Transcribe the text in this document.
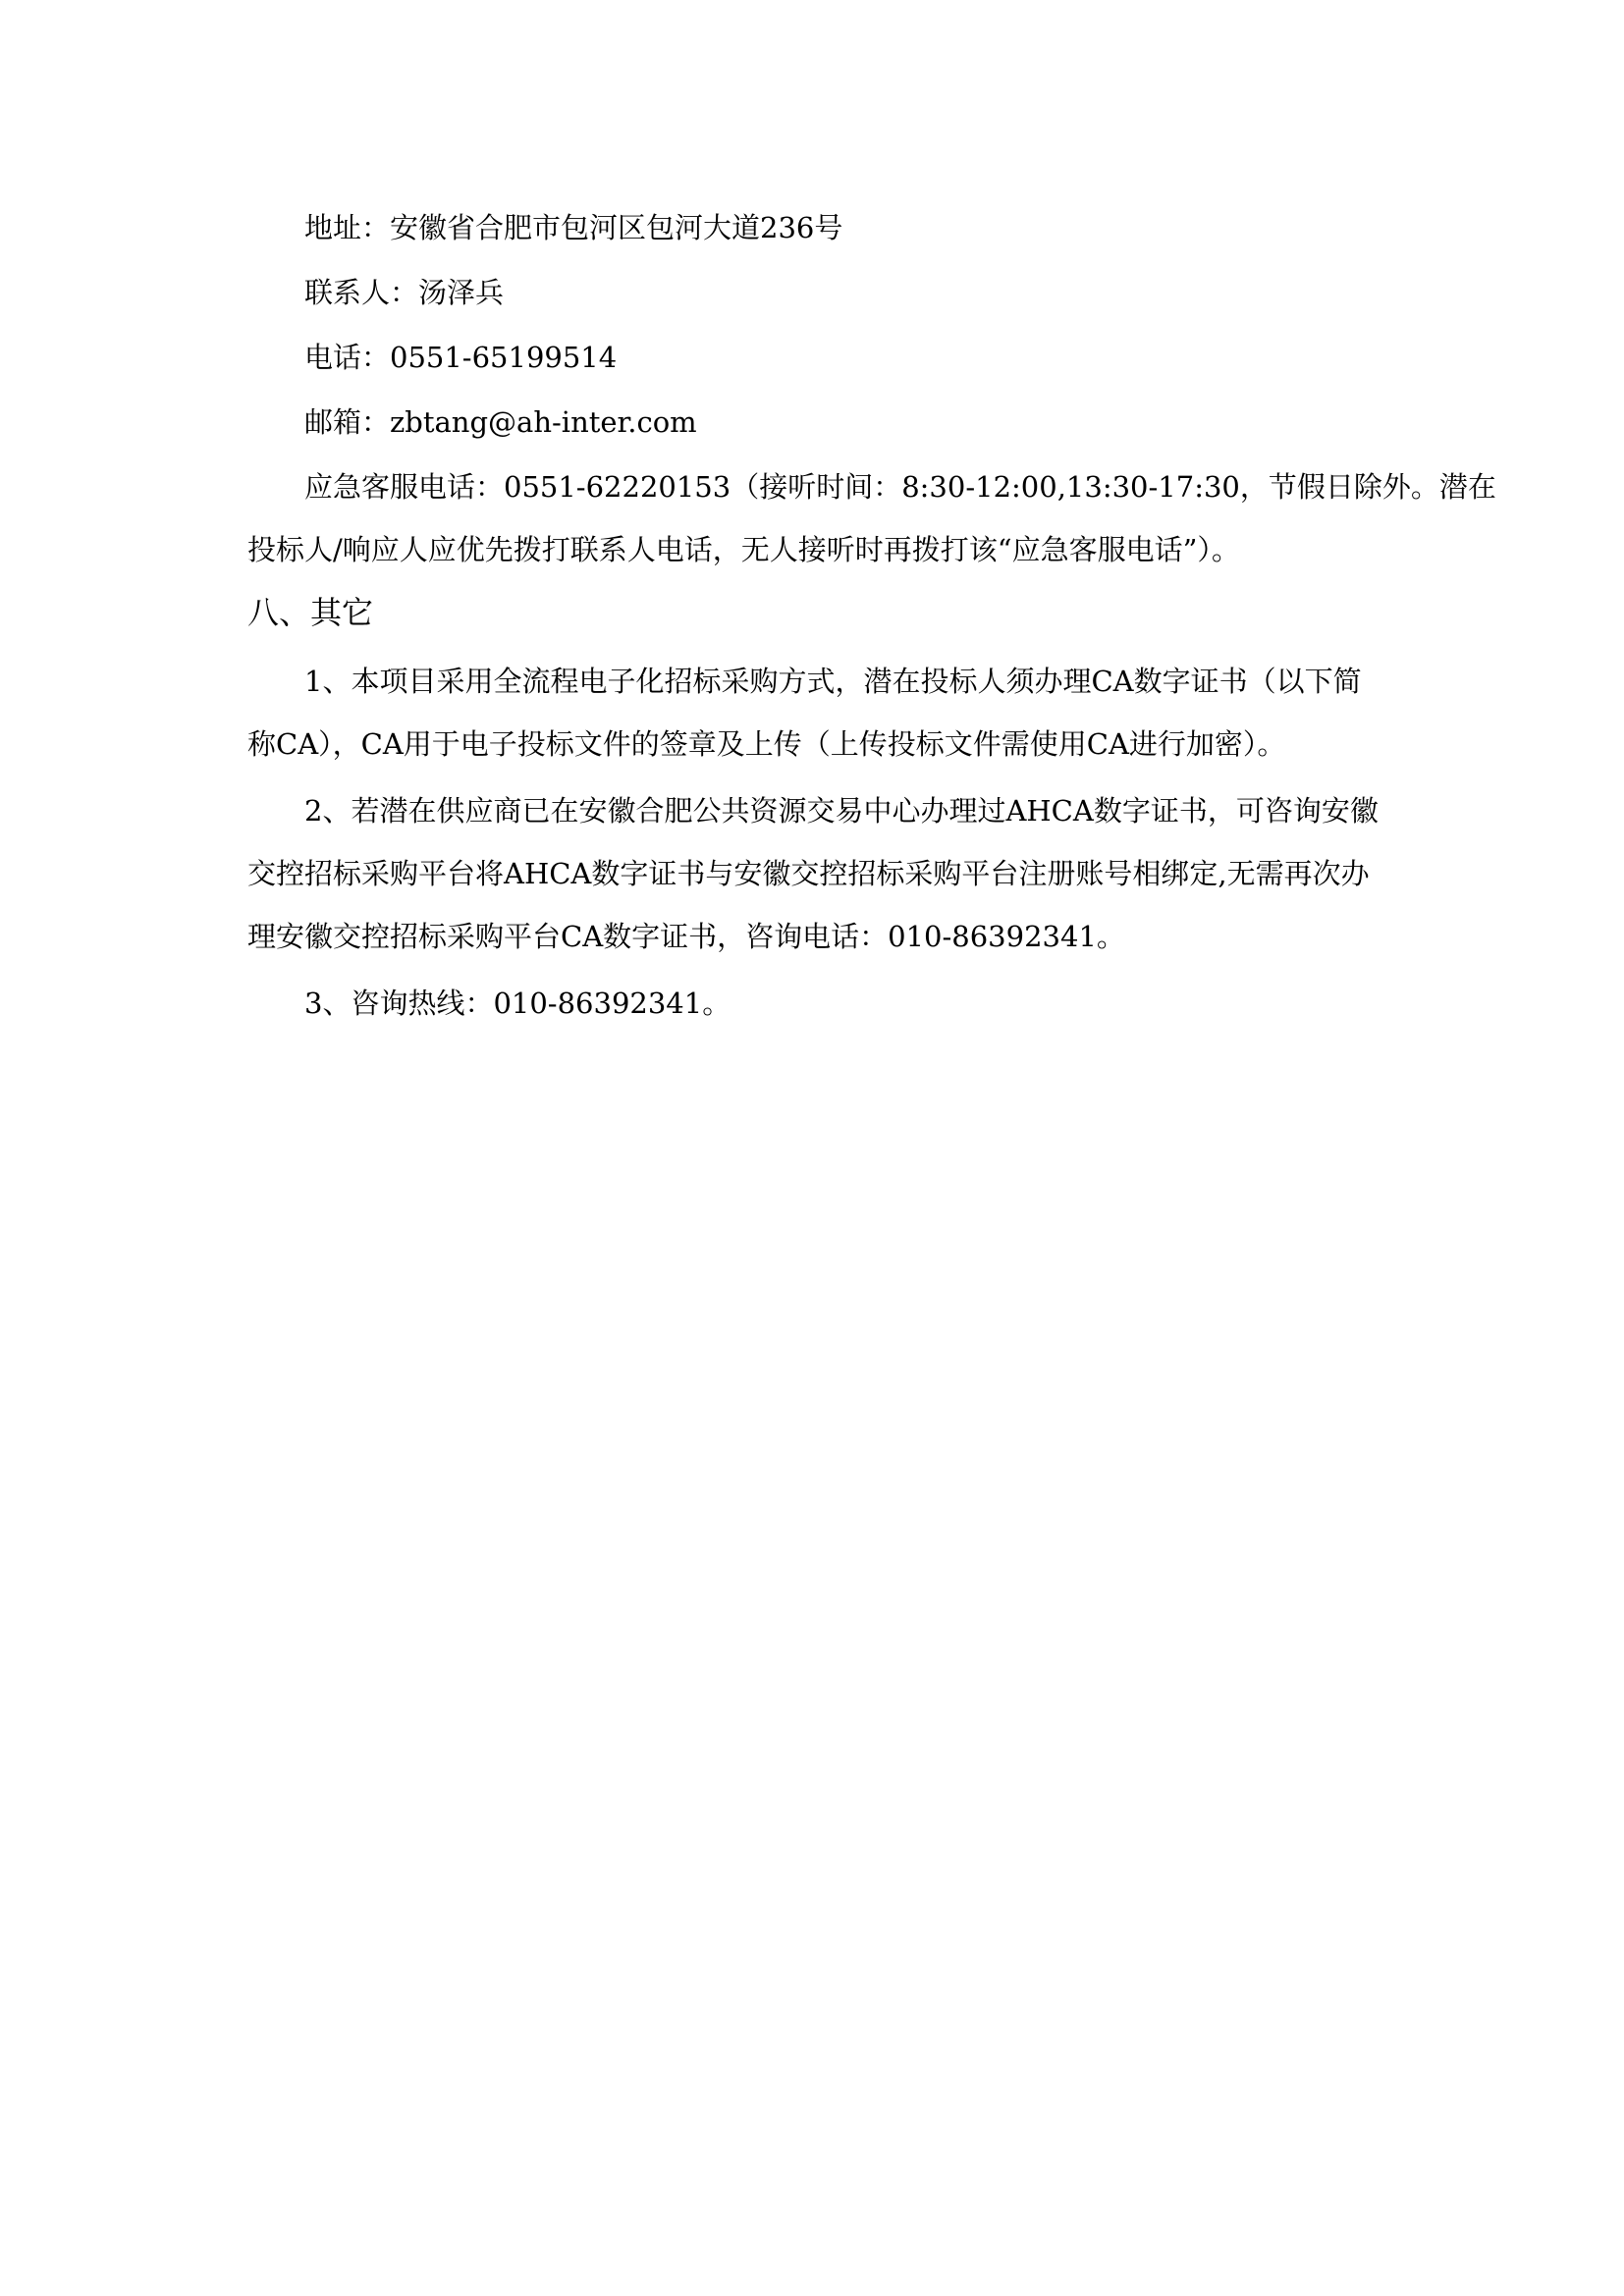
地址：安徽省合肥市包河区包河大道236号
联系人：汤泽兵
电话：0551-65199514
邮箱：zbtang@ah-inter.com
应急客服电话：0551-62220153（接听时间：8:30-12:00,13:30-17:30，节假日除外。潜在
投标人/响应人应优先拨打联系人电话，无人接听时再拨打该“应急客服电话”）。
八、其它
1、本项目采用全流程电子化招标采购方式，潜在投标人须办理CA数字证书（以下简
称CA），CA用于电子投标文件的签章及上传（上传投标文件需使用CA进行加密）。
2、若潜在供应商已在安徽合肥公共资源交易中心办理过AHCA数字证书，可咨询安徽
交控招标采购平台将AHCA数字证书与安徽交控招标采购平台注册账号相绑定,无需再次办
理安徽交控招标采购平台CA数字证书，咨询电话：010-86392341。
3、咨询热线：010-86392341。
